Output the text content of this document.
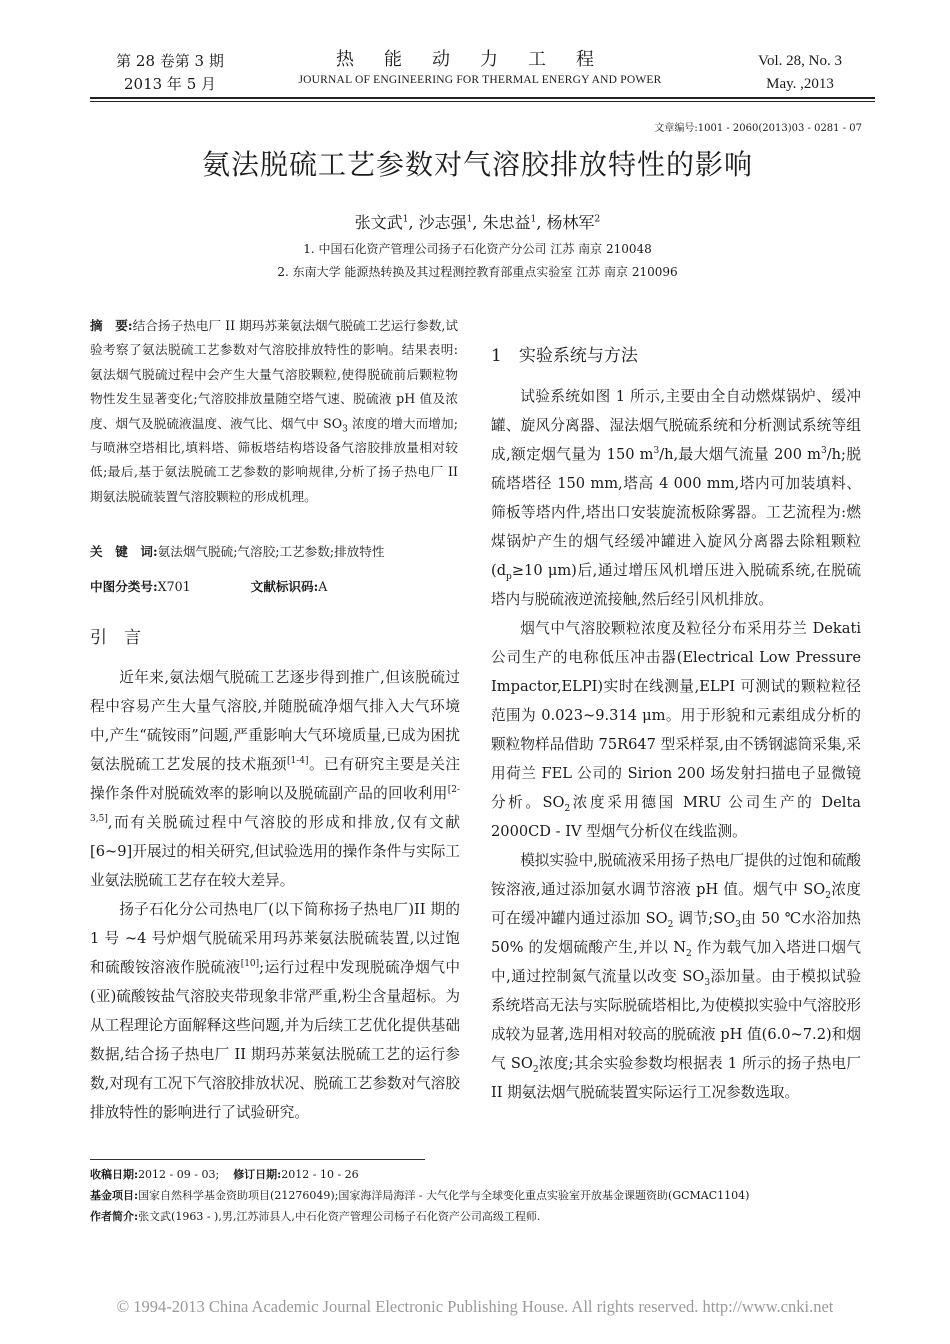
第 28 卷第 3 期
2013 年 5 月
热能动力工程
JOURNAL OF ENGINEERING FOR THERMAL ENERGY AND POWER
Vol. 28, No. 3
May. ,2013
文章编号:1001 - 2060(2013)03 - 0281 - 07
氨法脱硫工艺参数对气溶胶排放特性的影响
张文武$^1$, 沙志强$^1$, 朱忠益$^1$, 杨林军$^2$
1. 中国石化资产管理公司扬子石化资产分公司 江苏 南京 210048
2. 东南大学 能源热转换及其过程测控教育部重点实验室 江苏 南京 210096
摘　要:结合扬子热电厂 II 期玛苏莱氨法烟气脱硫工艺运行参数,试验考察了氨法脱硫工艺参数对气溶胶排放特性的影响。结果表明:氨法烟气脱硫过程中会产生大量气溶胶颗粒,使得脱硫前后颗粒物物性发生显著变化;气溶胶排放量随空塔气速、脱硫液 pH 值及浓度、烟气及脱硫液温度、液气比、烟气中 $SO_3$ 浓度的增大而增加;与喷淋空塔相比,填料塔、筛板塔结构塔设备气溶胶排放量相对较低;最后,基于氨法脱硫工艺参数的影响规律,分析了扬子热电厂 II 期氨法脱硫装置气溶胶颗粒的形成机理。
关　键　词:氨法烟气脱硫;气溶胶;工艺参数;排放特性
中图分类号:X701	文献标识码:A
引　言

近年来,氨法烟气脱硫工艺逐步得到推广,但该脱硫过程中容易产生大量气溶胶,并随脱硫净烟气排入大气环境中,产生“硫铵雨”问题,严重影响大气环境质量,已成为困扰氨法脱硫工艺发展的技术瓶颈[1-4]。已有研究主要是关注操作条件对脱硫效率的影响以及脱硫副产品的回收利用[2-3,5],而有关脱硫过程中气溶胶的形成和排放,仅有文献[6~9]开展过的相关研究,但试验选用的操作条件与实际工业氨法脱硫工艺存在较大差异。

扬子石化分公司热电厂(以下简称扬子热电厂)II 期的 1 号 ~4 号炉烟气脱硫采用玛苏莱氨法脱硫装置,以过饱和硫酸铵溶液作脱硫液[10];运行过程中发现脱硫净烟气中(亚)硫酸铵盐气溶胶夹带现象非常严重,粉尘含量超标。为从工程理论方面解释这些问题,并为后续工艺优化提供基础数据,结合扬子热电厂 II 期玛苏莱氨法脱硫工艺的运行参数,对现有工况下气溶胶排放状况、脱硫工艺参数对气溶胶排放特性的影响进行了试验研究。

1　实验系统与方法

试验系统如图 1 所示,主要由全自动燃煤锅炉、缓冲罐、旋风分离器、湿法烟气脱硫系统和分析测试系统等组成,额定烟气量为 150 $m^3/h$,最大烟气流量 200 $m^3/h$;脱硫塔塔径 150 mm,塔高 4 000 mm,塔内可加装填料、筛板等塔内件,塔出口安装旋流板除雾器。工艺流程为:燃煤锅炉产生的烟气经缓冲罐进入旋风分离器去除粗颗粒($d_p\ge 10$ μm)后,通过增压风机增压进入脱硫系统,在脱硫塔内与脱硫液逆流接触,然后经引风机排放。

烟气中气溶胶颗粒浓度及粒径分布采用芬兰 Dekati 公司生产的电称低压冲击器(Electrical Low Pressure Impactor,ELPI)实时在线测量,ELPI 可测试的颗粒粒径范围为 0.023~9.314 μm。用于形貌和元素组成分析的颗粒物样品借助 75R647 型采样泵,由不锈钢滤筒采集,采用荷兰 FEL 公司的 Sirion 200 场发射扫描电子显微镜分析。$SO_2$浓度采用德国 MRU 公司生产的 Delta 2000CD - IV 型烟气分析仪在线监测。

模拟实验中,脱硫液采用扬子热电厂提供的过饱和硫酸铵溶液,通过添加氨水调节溶液 pH 值。烟气中 $SO_2$浓度可在缓冲罐内通过添加 $SO_2$ 调节$;SO_3$由 50 ℃水浴加热 50% 的发烟硫酸产生,并以 $N_2$ 作为载气加入塔进口烟气中,通过控制氮气流量以改变 $SO_3$添加量。由于模拟试验系统塔高无法与实际脱硫塔相比,为使模拟实验中气溶胶形成较为显著,选用相对较高的脱硫液 pH 值(6.0~7.2)和烟气 $SO_2$浓度;其余实验参数均根据表 1 所示的扬子热电厂 II 期氨法烟气脱硫装置实际运行工况参数选取。

收稿日期:2012 - 09 - 03; 修订日期:2012 - 10 - 26
基金项目:国家自然科学基金资助项目(21276049);国家海洋局海洋 - 大气化学与全球变化重点实验室开放基金课题资助(GCMAC1104)
作者简介:张文武(1963 - ),男,江苏沛县人,中石化资产管理公司杨子石化资产公司高级工程师.
© 1994-2013 China Academic Journal Electronic Publishing House. All rights reserved. http://www.cnki.net
